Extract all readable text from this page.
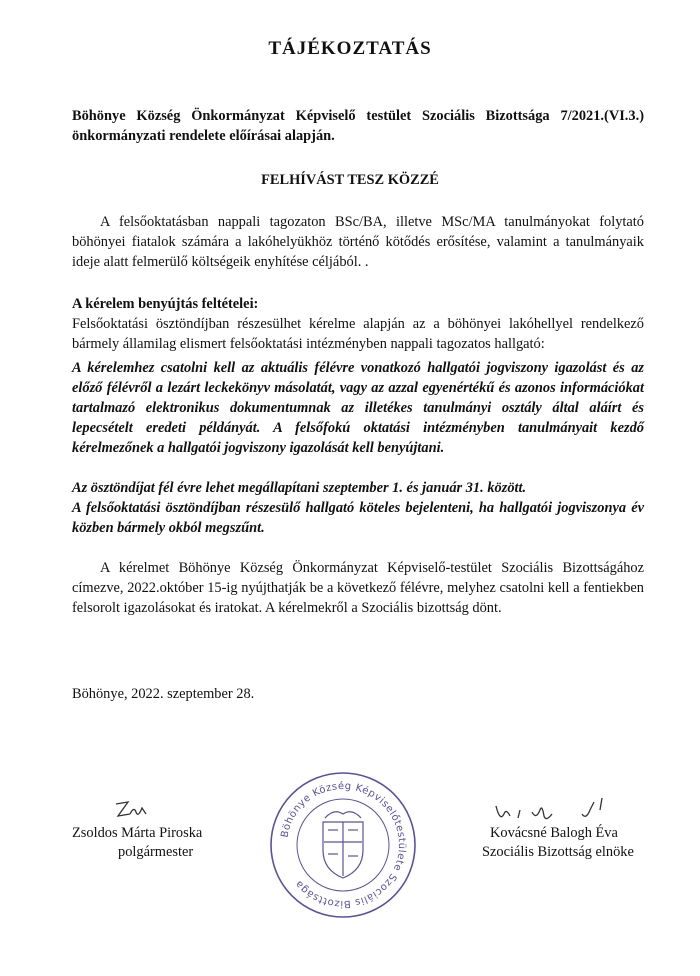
TÁJÉKOZTATÁS
Böhönye Község Önkormányzat Képviselő testület Szociális Bizottsága 7/2021.(VI.3.) önkormányzati rendelete előírásai alapján.
FELHÍVÁST TESZ KÖZZÉ
A felsőoktatásban nappali tagozaton BSc/BA, illetve MSc/MA tanulmányokat folytató böhönyei fiatalok számára a lakóhelyükhöz történő kötődés erősítése, valamint a tanulmányaik ideje alatt felmerülő költségeik enyhítése céljából. .
A kérelem benyújtás feltételei:
Felsőoktatási ösztöndíjban részesülhet kérelme alapján az a böhönyei lakóhellyel rendelkező bármely államilag elismert felsőoktatási intézményben nappali tagozatos hallgató:
A kérelemhez csatolni kell az aktuális félévre vonatkozó hallgatói jogviszony igazolást és az előző félévről a lezárt leckekönyv másolatát, vagy az azzal egyenértékű és azonos információkat tartalmazó elektronikus dokumentumnak az illetékes tanulmányi osztály által aláírt és lepecsételt eredeti példányát. A felsőfokú oktatási intézményben tanulmányait kezdő kérelmezőnek a hallgatói jogviszony igazolását kell benyújtani.
Az ösztöndíjat fél évre lehet megállapítani szeptember 1. és január 31. között.
A felsőoktatási ösztöndíjban részesülő hallgató köteles bejelenteni, ha hallgatói jogviszonya év közben bármely okból megszűnt.
A kérelmet Böhönye Község Önkormányzat Képviselő-testület Szociális Bizottságához címezve, 2022.október 15-ig nyújthatják be a következő félévre, melyhez csatolni kell a fentiekben felsorolt igazolásokat és iratokat. A kérelmekről a Szociális bizottság dönt.
Böhönye, 2022. szeptember 28.
Zsoldos Márta Piroska
polgármester
Böhönye Község Képviselőtestülete Szociális Bizottsága
Kovácsné Balogh Éva
Szociális Bizottság elnöke
